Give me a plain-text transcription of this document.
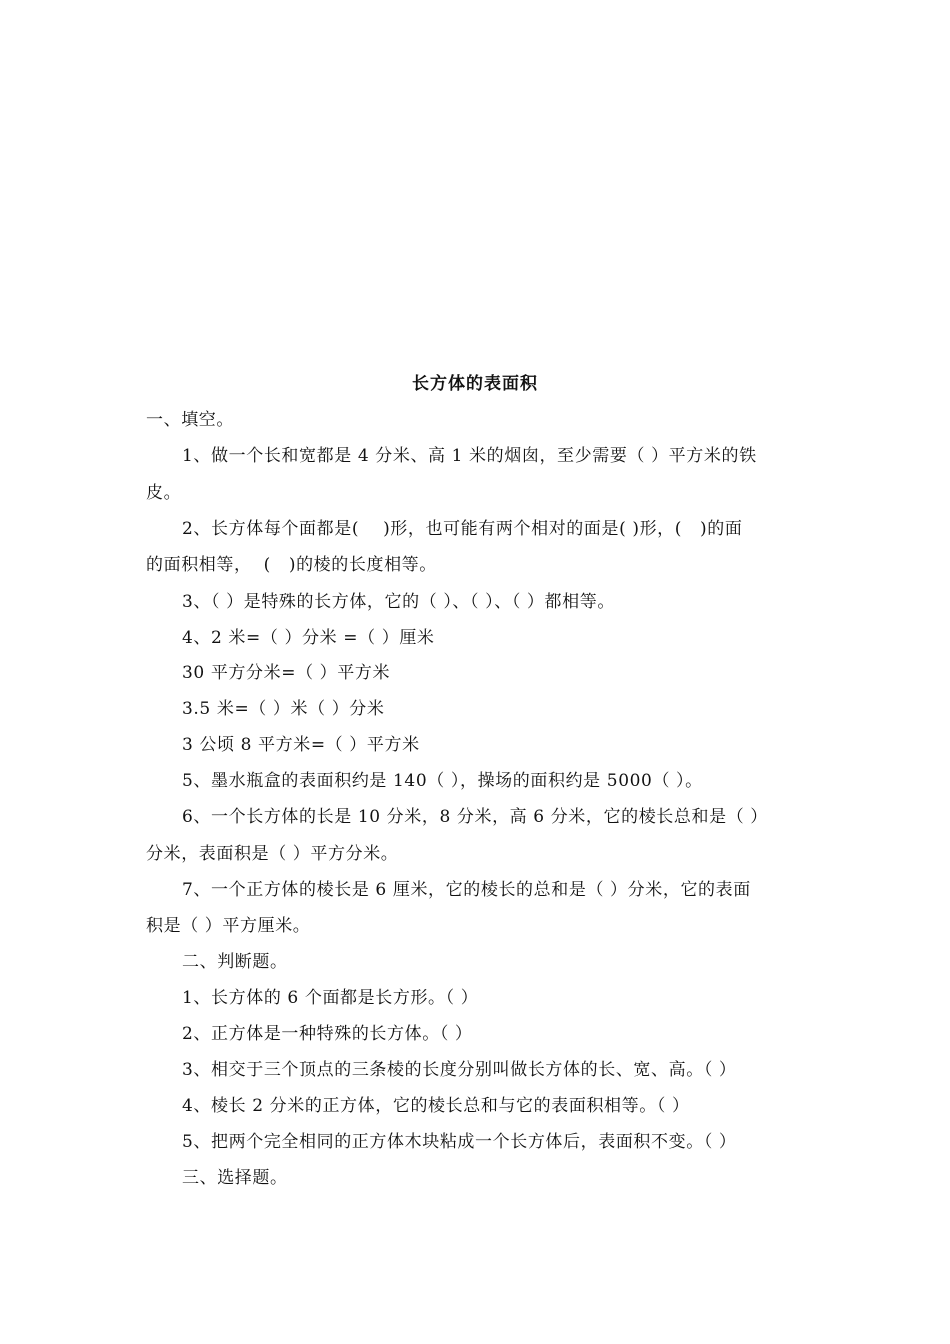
长方体的表面积
一、填空。
1、做一个长和宽都是 4 分米、高 1 米的烟囱，至少需要（ ）平方米的铁
皮。
2、长方体每个面都是(    )形，也可能有两个相对的面是( )形，(   )的面
的面积相等，  (   )的棱的长度相等。
3、（ ）是特殊的长方体，它的（ ）、（ ）、（ ）都相等。
4、2 米=（ ）分米 =（ ）厘米
30 平方分米=（ ）平方米
3.5 米=（ ）米（ ）分米
3 公顷 8 平方米=（ ）平方米
5、墨水瓶盒的表面积约是 140（ ），操场的面积约是 5000（ ）。
6、一个长方体的长是 10 分米，8 分米，高 6 分米，它的棱长总和是（ ）
分米，表面积是（ ）平方分米。
7、一个正方体的棱长是 6 厘米，它的棱长的总和是（ ）分米，它的表面
积是（ ）平方厘米。
二、判断题。
1、长方体的 6 个面都是长方形。（ ）
2、正方体是一种特殊的长方体。（ ）
3、相交于三个顶点的三条棱的长度分别叫做长方体的长、宽、高。（ ）
4、棱长 2 分米的正方体，它的棱长总和与它的表面积相等。（ ）
5、把两个完全相同的正方体木块粘成一个长方体后，表面积不变。（ ）
三、选择题。
